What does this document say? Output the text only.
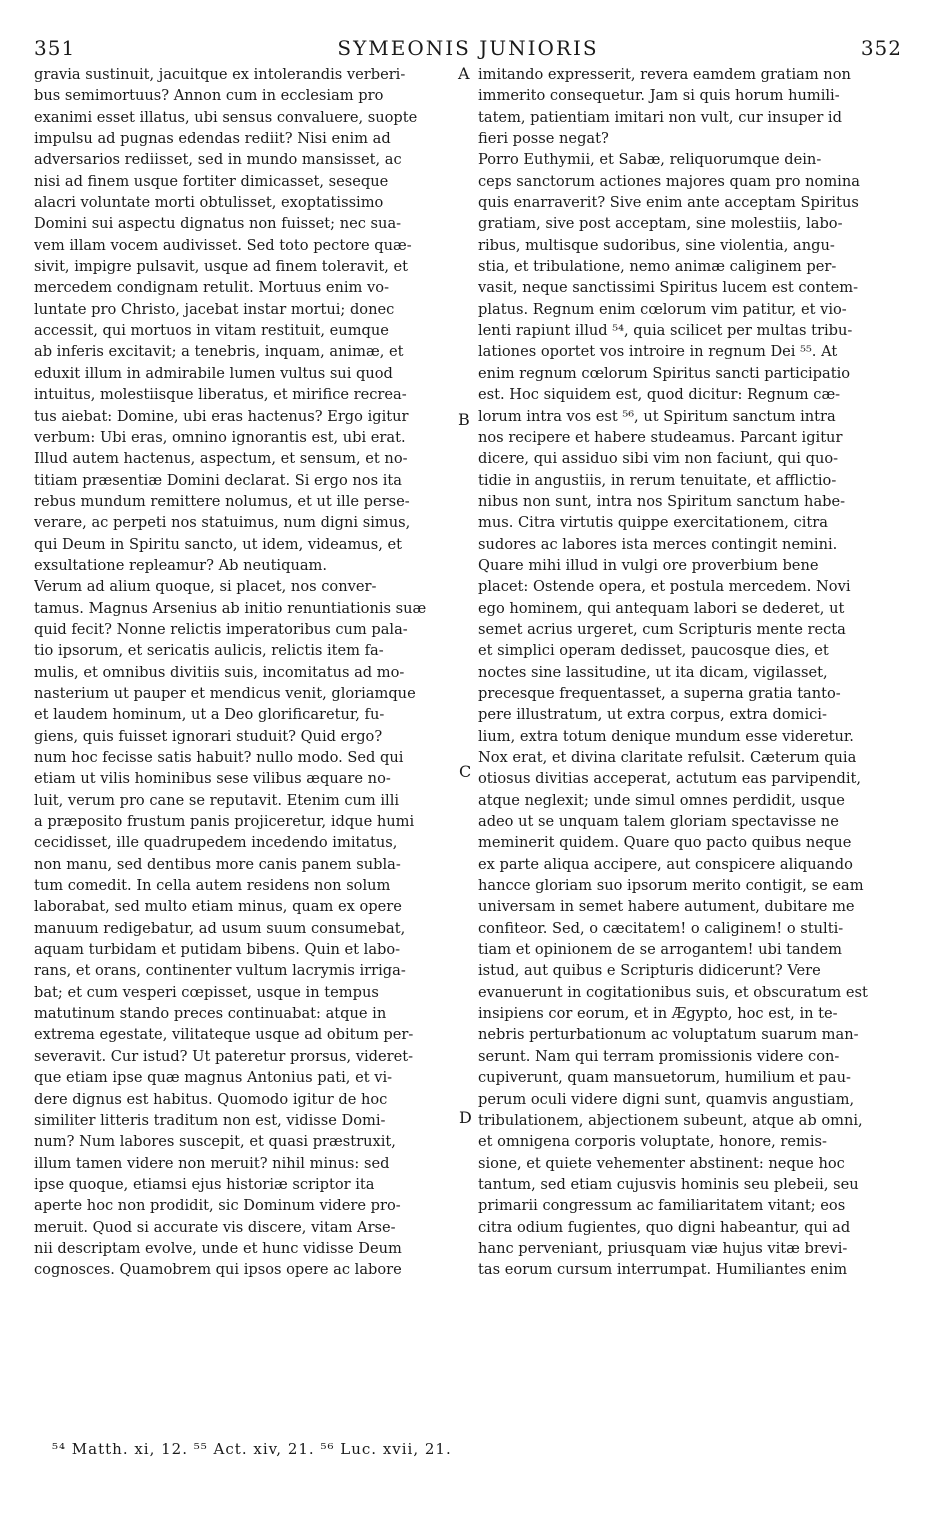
351	SYMEONIS JUNIORIS	352
gravia sustinuit, jacuitque ex intolerandis verberi-
bus semimortuus? Annon cum in ecclesiam pro
exanimi esset illatus, ubi sensus convaluere, suopte
impulsu ad pugnas edendas rediit? Nisi enim ad
adversarios rediisset, sed in mundo mansisset, ac
nisi ad finem usque fortiter dimicasset, seseque
alacri voluntate morti obtulisset, exoptatissimo
Domini sui aspectu dignatus non fuisset; nec sua-
vem illam vocem audivisset. Sed toto pectore quæ-
sivit, impigre pulsavit, usque ad finem toleravit, et
mercedem condignam retulit. Mortuus enim vo-
luntate pro Christo, jacebat instar mortui; donec
accessit, qui mortuos in vitam restituit, eumque
ab inferis excitavit; a tenebris, inquam, animæ, et
eduxit illum in admirabile lumen vultus sui quod
intuitus, molestiisque liberatus, et mirifice recrea-
tus aiebat: Domine, ubi eras hactenus? Ergo igitur
verbum: Ubi eras, omnino ignorantis est, ubi erat.
Illud autem hactenus, aspectum, et sensum, et no-
titiam præsentiæ Domini declarat. Si ergo nos ita
rebus mundum remittere nolumus, et ut ille perse-
verare, ac perpeti nos statuimus, num digni simus,
qui Deum in Spiritu sancto, ut idem, videamus, et
exsultatione repleamur? Ab neutiquam.
Verum ad alium quoque, si placet, nos conver-
tamus. Magnus Arsenius ab initio renuntiationis suæ
quid fecit? Nonne relictis imperatoribus cum pala-
tio ipsorum, et sericatis aulicis, relictis item fa-
mulis, et omnibus divitiis suis, incomitatus ad mo-
nasterium ut pauper et mendicus venit, gloriamque
et laudem hominum, ut a Deo glorificaretur, fu-
giens, quis fuisset ignorari studuit? Quid ergo?
num hoc fecisse satis habuit? nullo modo. Sed qui
etiam ut vilis hominibus sese vilibus æquare no-
luit, verum pro cane se reputavit. Etenim cum illi
a præposito frustum panis projiceretur, idque humi
cecidisset, ille quadrupedem incedendo imitatus,
non manu, sed dentibus more canis panem subla-
tum comedit. In cella autem residens non solum
laborabat, sed multo etiam minus, quam ex opere
manuum redigebatur, ad usum suum consumebat,
aquam turbidam et putidam bibens. Quin et labo-
rans, et orans, continenter vultum lacrymis irriga-
bat; et cum vesperi cœpisset, usque in tempus
matutinum stando preces continuabat: atque in
extrema egestate, vilitateque usque ad obitum per-
severavit. Cur istud? Ut pateretur prorsus, videret-
que etiam ipse quæ magnus Antonius pati, et vi-
dere dignus est habitus. Quomodo igitur de hoc
similiter litteris traditum non est, vidisse Domi-
num? Num labores suscepit, et quasi præstruxit,
illum tamen videre non meruit? nihil minus: sed
ipse quoque, etiamsi ejus historiæ scriptor ita
aperte hoc non prodidit, sic Dominum videre pro-
meruit. Quod si accurate vis discere, vitam Arse-
nii descriptam evolve, unde et hunc vidisse Deum
cognosces. Quamobrem qui ipsos opere ac labore
imitando expresserit, revera eamdem gratiam non
immerito consequetur. Jam si quis horum humili-
tatem, patientiam imitari non vult, cur insuper id
fieri posse negat?
Porro Euthymii, et Sabæ, reliquorumque dein-
ceps sanctorum actiones majores quam pro nomina
quis enarraverit? Sive enim ante acceptam Spiritus
gratiam, sive post acceptam, sine molestiis, labo-
ribus, multisque sudoribus, sine violentia, angu-
stia, et tribulatione, nemo animæ caliginem per-
vasit, neque sanctissimi Spiritus lucem est contem-
platus. Regnum enim cœlorum vim patitur, et vio-
lenti rapiunt illud ⁵⁴, quia scilicet per multas tribu-
lationes oportet vos introire in regnum Dei ⁵⁵. At
enim regnum cœlorum Spiritus sancti participatio
est. Hoc siquidem est, quod dicitur: Regnum cæ-
lorum intra vos est ⁵⁶, ut Spiritum sanctum intra
nos recipere et habere studeamus. Parcant igitur
dicere, qui assiduo sibi vim non faciunt, qui quo-
tidie in angustiis, in rerum tenuitate, et afflictio-
nibus non sunt, intra nos Spiritum sanctum habe-
mus. Citra virtutis quippe exercitationem, citra
sudores ac labores ista merces contingit nemini.
Quare mihi illud in vulgi ore proverbium bene
placet: Ostende opera, et postula mercedem. Novi
ego hominem, qui antequam labori se dederet, ut
semet acrius urgeret, cum Scripturis mente recta
et simplici operam dedisset, paucosque dies, et
noctes sine lassitudine, ut ita dicam, vigilasset,
precesque frequentasset, a superna gratia tanto-
pere illustratum, ut extra corpus, extra domici-
lium, extra totum denique mundum esse videretur.
Nox erat, et divina claritate refulsit. Cæterum quia
otiosus divitias acceperat, actutum eas parvipendit,
atque neglexit; unde simul omnes perdidit, usque
adeo ut se unquam talem gloriam spectavisse ne
meminerit quidem. Quare quo pacto quibus neque
ex parte aliqua accipere, aut conspicere aliquando
hancce gloriam suo ipsorum merito contigit, se eam
universam in semet habere autument, dubitare me
confiteor. Sed, o cæcitatem! o caliginem! o stulti-
tiam et opinionem de se arrogantem! ubi tandem
istud, aut quibus e Scripturis didicerunt? Vere
evanuerunt in cogitationibus suis, et obscuratum est
insipiens cor eorum, et in Ægypto, hoc est, in te-
nebris perturbationum ac voluptatum suarum man-
serunt. Nam qui terram promissionis videre con-
cupiverunt, quam mansuetorum, humilium et pau-
perum oculi videre digni sunt, quamvis angustiam,
tribulationem, abjectionem subeunt, atque ab omni,
et omnigena corporis voluptate, honore, remis-
sione, et quiete vehementer abstinent: neque hoc
tantum, sed etiam cujusvis hominis seu plebeii, seu
primarii congressum ac familiaritatem vitant; eos
citra odium fugientes, quo digni habeantur, qui ad
hanc perveniant, priusquam viæ hujus vitæ brevi-
tas eorum cursum interrumpat. Humiliantes enim
A
B
C
D
⁵⁴ Matth. xi, 12. ⁵⁵ Act. xiv, 21. ⁵⁶ Luc. xvii, 21.
